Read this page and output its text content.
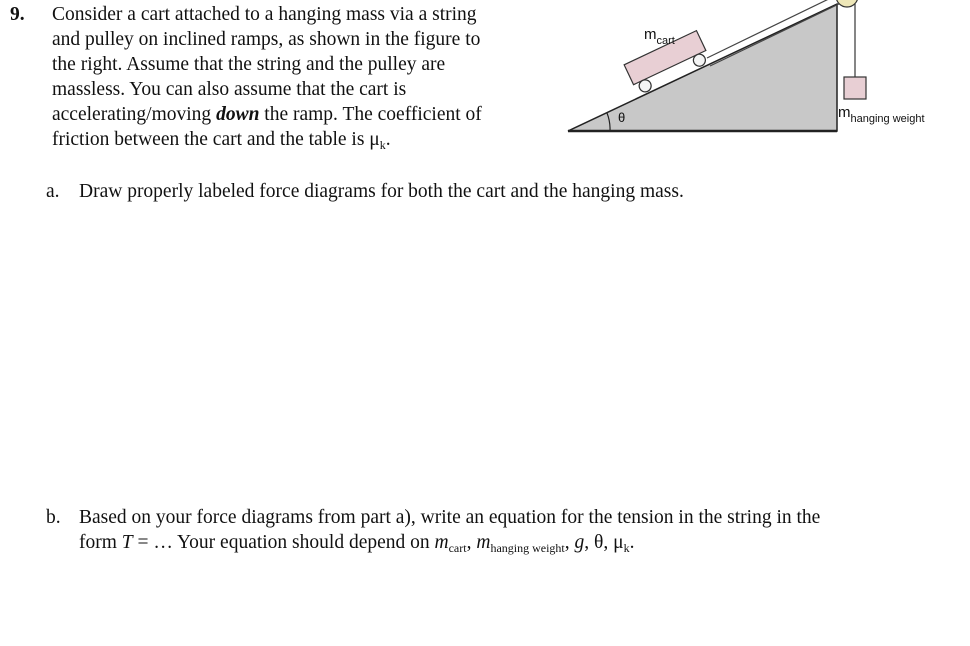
9. Consider a cart attached to a hanging mass via a string
and pulley on inclined ramps, as shown in the figure to
the right. Assume that the string and the pulley are
massless. You can also assume that the cart is
accelerating/moving down the ramp. The coefficient of
friction between the cart and the table is $\mu_k$.
$m_{cart}$
$m_{hanging weight}$
θ
a. Draw properly labeled force diagrams for both the cart and the hanging mass.
b. Based on your force diagrams from part a), write an equation for the tension in the string in the
form T = … Your equation should depend on $m_{cart}$, $m_{hanging weight}$, g, θ, $\mu_k$.
